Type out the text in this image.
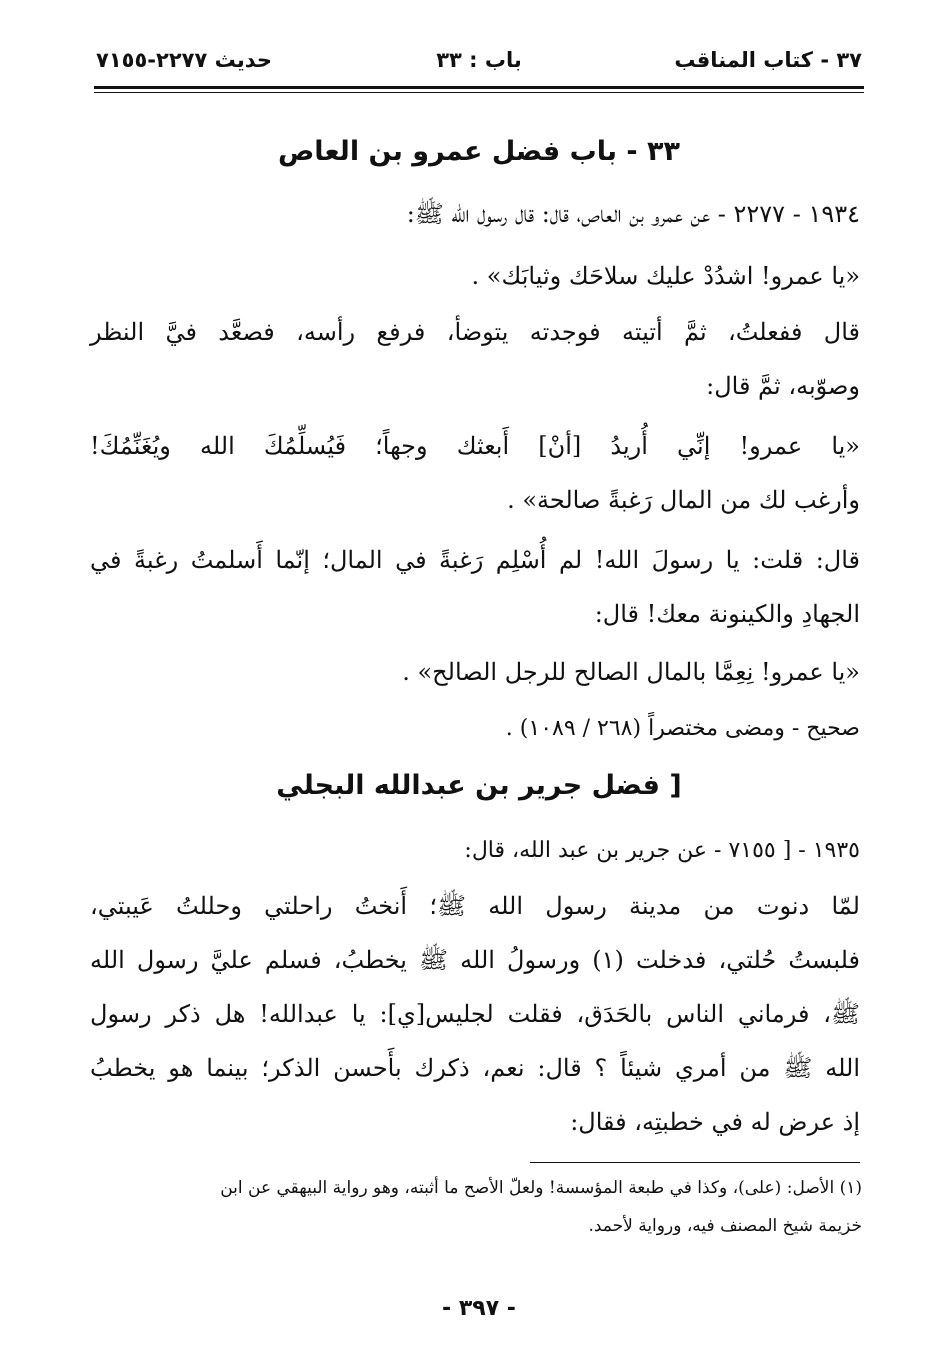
٣٧ - كتاب المناقب
باب : ٣٣
حديث ٢٢٧٧-٧١٥٥
٣٣ - باب فضل عمرو بن العاص
١٩٣٤ - ٢٢٧٧ - عن عمرو بن العاص، قال: قال رسول الله ﷺ:
«يا عمرو! اشدُدْ عليك سلاحَك وثيابَك» .
قال ففعلتُ، ثمَّ أتيته فوجدته يتوضأ، فرفع رأسه، فصعَّد فيَّ النظر
وصوّبه، ثمَّ قال:
«يا عمرو! إنِّي أُريدُ [أنْ] أَبعثك وجهاً؛ فَيُسلِّمُكَ الله ويُغَنِّمُكَ!
وأرغب لك من المال رَغبةً صالحة» .
قال: قلت: يا رسولَ الله! لم أُسْلِم رَغبةً في المال؛ إنّما أَسلمتُ رغبةً في
الجهادِ والكينونة معك! قال:
«يا عمرو! نِعِمَّا بالمال الصالح للرجل الصالح» .
صحيح - ومضى مختصراً (٢٦٨ / ١٠٨٩) .
[ فضل جرير بن عبدالله البجلي
١٩٣٥ - [ ٧١٥٥ - عن جرير بن عبد الله، قال:
لمّا دنوت من مدينة رسول الله ﷺ؛ أَنختُ راحلتي وحللتُ عَيبتي،
فلبستُ حُلتي، فدخلت (١) ورسولُ الله ﷺ يخطبُ، فسلم عليَّ رسول الله
ﷺ، فرماني الناس بالحَدَق، فقلت لجليس[ي]: يا عبدالله! هل ذكر رسول
الله ﷺ من أمري شيئاً ؟ قال: نعم، ذكرك بأَحسن الذكر؛ بينما هو يخطبُ
إذ عرض له في خطبتِه، فقال:
(١) الأصل: (على)، وكذا في طبعة المؤسسة! ولعلّ الأصح ما أثبته، وهو رواية البيهقي عن ابن
خزيمة شيخ المصنف فيه، ورواية لأحمد.
- ٣٩٧ -
